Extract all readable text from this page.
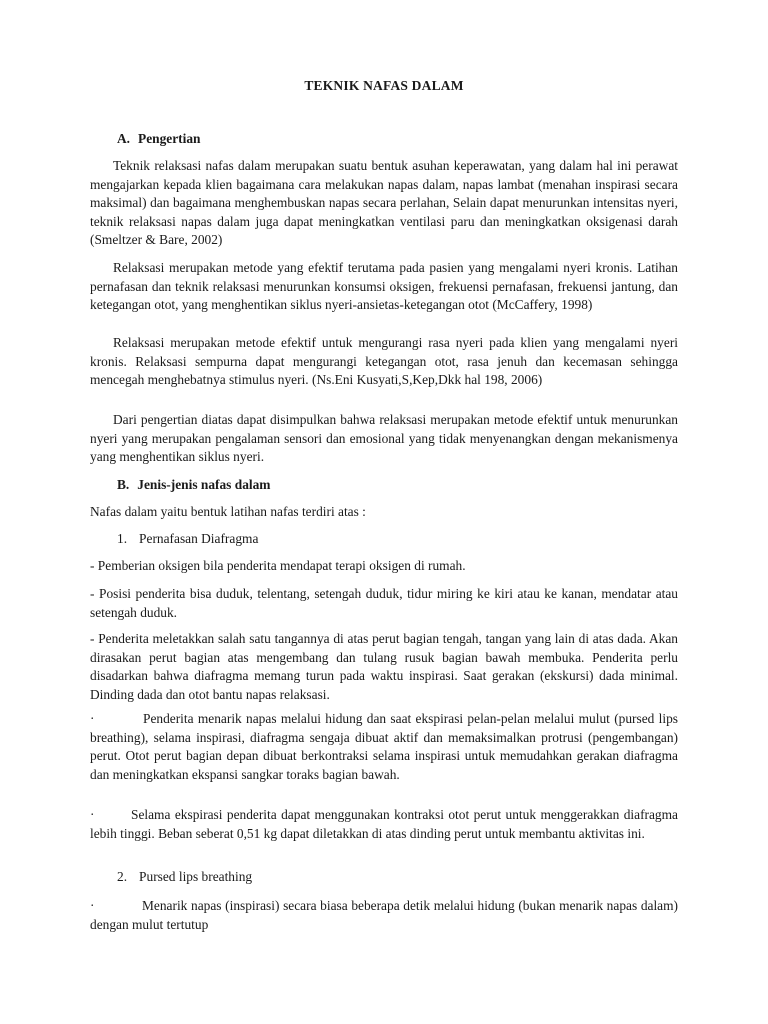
TEKNIK NAFAS DALAM
A. Pengertian

Teknik relaksasi nafas dalam merupakan suatu bentuk asuhan keperawatan, yang dalam hal ini perawat mengajarkan kepada klien bagaimana cara melakukan napas dalam, napas lambat (menahan inspirasi secara maksimal) dan bagaimana menghembuskan napas secara perlahan, Selain dapat menurunkan intensitas nyeri, teknik relaksasi napas dalam juga dapat meningkatkan ventilasi paru dan meningkatkan oksigenasi darah (Smeltzer & Bare, 2002)

Relaksasi merupakan metode yang efektif terutama pada pasien yang mengalami nyeri kronis. Latihan pernafasan dan teknik relaksasi menurunkan konsumsi oksigen, frekuensi pernafasan, frekuensi jantung, dan ketegangan otot, yang menghentikan siklus nyeri-ansietas-ketegangan otot (McCaffery, 1998)

Relaksasi merupakan metode efektif untuk mengurangi rasa nyeri pada klien yang mengalami nyeri kronis. Relaksasi sempurna dapat mengurangi ketegangan otot, rasa jenuh dan kecemasan sehingga mencegah menghebatnya stimulus nyeri. (Ns.Eni Kusyati,S,Kep,Dkk hal 198, 2006)

Dari pengertian diatas dapat disimpulkan bahwa relaksasi merupakan metode efektif untuk menurunkan nyeri yang merupakan pengalaman sensori dan emosional yang tidak menyenangkan dengan mekanismenya yang menghentikan siklus nyeri.

B. Jenis-jenis nafas dalam

Nafas dalam yaitu bentuk latihan nafas terdiri atas :

1. Pernafasan Diafragma

- Pemberian oksigen bila penderita mendapat terapi oksigen di rumah.

- Posisi penderita bisa duduk, telentang, setengah duduk, tidur miring ke kiri atau ke kanan, mendatar atau setengah duduk.

- Penderita meletakkan salah satu tangannya di atas perut bagian tengah, tangan yang lain di atas dada. Akan dirasakan perut bagian atas mengembang dan tulang rusuk bagian bawah membuka. Penderita perlu disadarkan bahwa diafragma memang turun pada waktu inspirasi. Saat gerakan (ekskursi) dada minimal. Dinding dada dan otot bantu napas relaksasi.

·	Penderita menarik napas melalui hidung dan saat ekspirasi pelan-pelan melalui mulut (pursed lips breathing), selama inspirasi, diafragma sengaja dibuat aktif dan memaksimalkan protrusi (pengembangan) perut. Otot perut bagian depan dibuat berkontraksi selama inspirasi untuk memudahkan gerakan diafragma dan meningkatkan ekspansi sangkar toraks bagian bawah.

·	Selama ekspirasi penderita dapat menggunakan kontraksi otot perut untuk menggerakkan diafragma lebih tinggi. Beban seberat 0,51 kg dapat diletakkan di atas dinding perut untuk membantu aktivitas ini.

2. Pursed lips breathing

·	Menarik napas (inspirasi) secara biasa beberapa detik melalui hidung (bukan menarik napas dalam) dengan mulut tertutup
